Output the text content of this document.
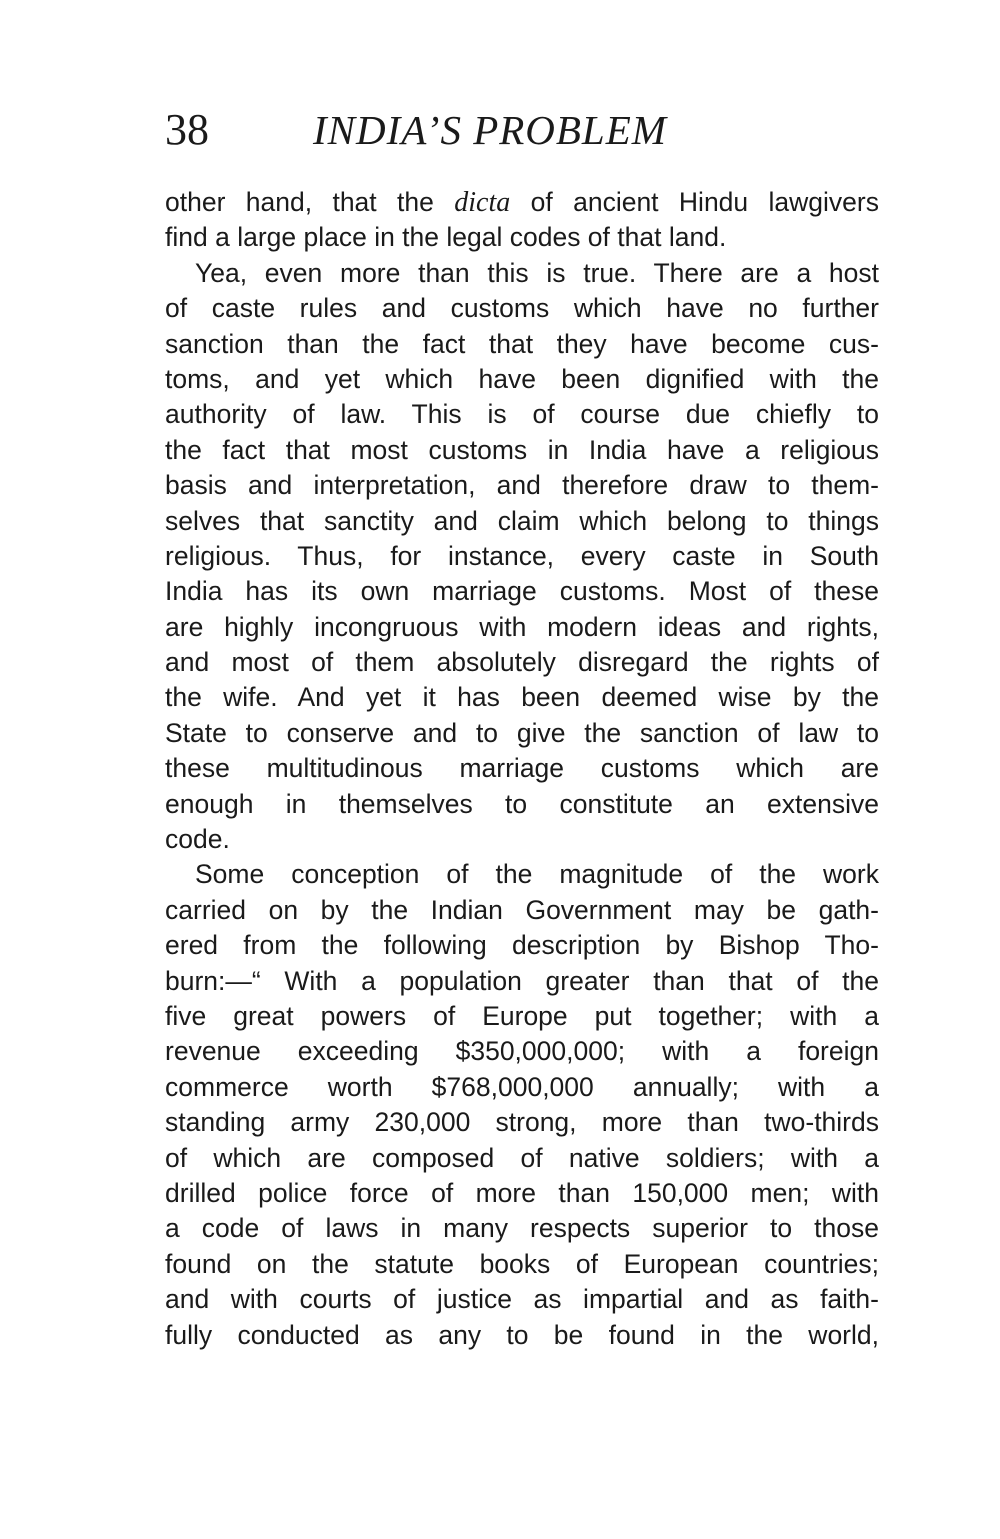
38	INDIA’S PROBLEM
other hand, that the dicta of ancient Hindu lawgivers
find a large place in the legal codes of that land.
Yea, even more than this is true. There are a host
of caste rules and customs which have no further
sanction than the fact that they have become cus-
toms, and yet which have been dignified with the
authority of law. This is of course due chiefly to
the fact that most customs in India have a religious
basis and interpretation, and therefore draw to them-
selves that sanctity and claim which belong to things
religious. Thus, for instance, every caste in South
India has its own marriage customs. Most of these
are highly incongruous with modern ideas and rights,
and most of them absolutely disregard the rights of
the wife. And yet it has been deemed wise by the
State to conserve and to give the sanction of law to
these multitudinous marriage customs which are
enough in themselves to constitute an extensive
code.
Some conception of the magnitude of the work
carried on by the Indian Government may be gath-
ered from the following description by Bishop Tho-
burn:—“ With a population greater than that of the
five great powers of Europe put together; with a
revenue exceeding $350,000,000; with a foreign
commerce worth $768,000,000 annually; with a
standing army 230,000 strong, more than two-thirds
of which are composed of native soldiers; with a
drilled police force of more than 150,000 men; with
a code of laws in many respects superior to those
found on the statute books of European countries;
and with courts of justice as impartial and as faith-
fully conducted as any to be found in the world,
